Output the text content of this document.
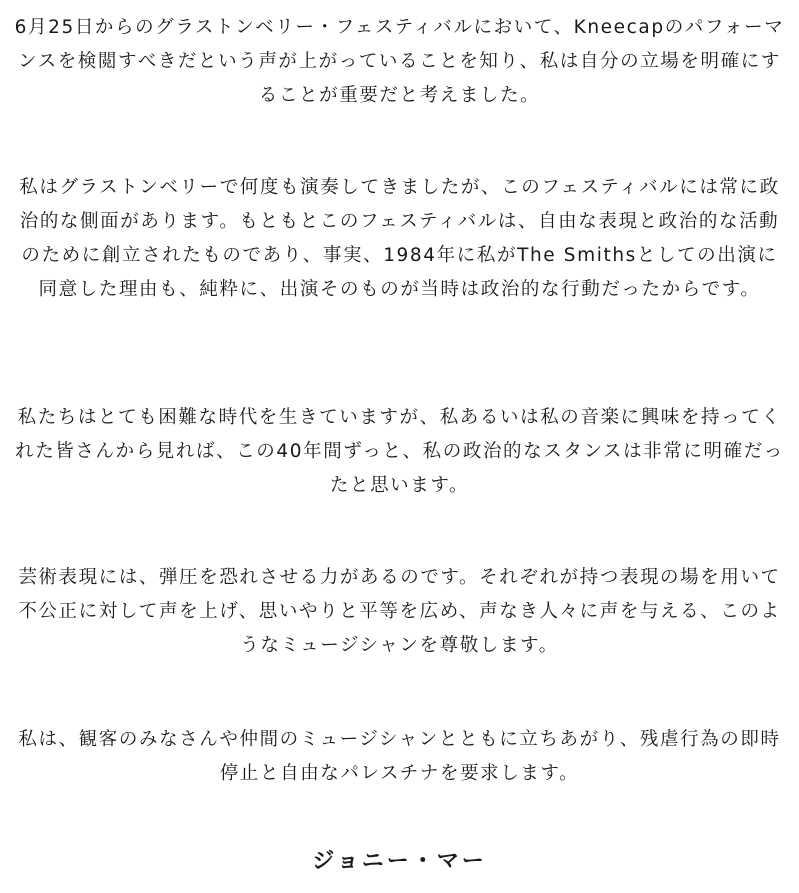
6月25日からのグラストンベリー・フェスティバルにおいて、Kneecapのパフォーマンスを検閲すべきだという声が上がっていることを知り、私は自分の立場を明確にすることが重要だと考えました。

私はグラストンベリーで何度も演奏してきましたが、このフェスティバルには常に政治的な側面があります。もともとこのフェスティバルは、自由な表現と政治的な活動のために創立されたものであり、事実、1984年に私がThe Smithsとしての出演に同意した理由も、純粋に、出演そのものが当時は政治的な行動だったからです。

私たちはとても困難な時代を生きていますが、私あるいは私の音楽に興味を持ってくれた皆さんから見れば、この40年間ずっと、私の政治的なスタンスは非常に明確だったと思います。

芸術表現には、弾圧を恐れさせる力があるのです。それぞれが持つ表現の場を用いて不公正に対して声を上げ、思いやりと平等を広め、声なき人々に声を与える、このようなミュージシャンを尊敬します。

私は、観客のみなさんや仲間のミュージシャンとともに立ちあがり、残虐行為の即時停止と自由なパレスチナを要求します。

ジョニー・マー
